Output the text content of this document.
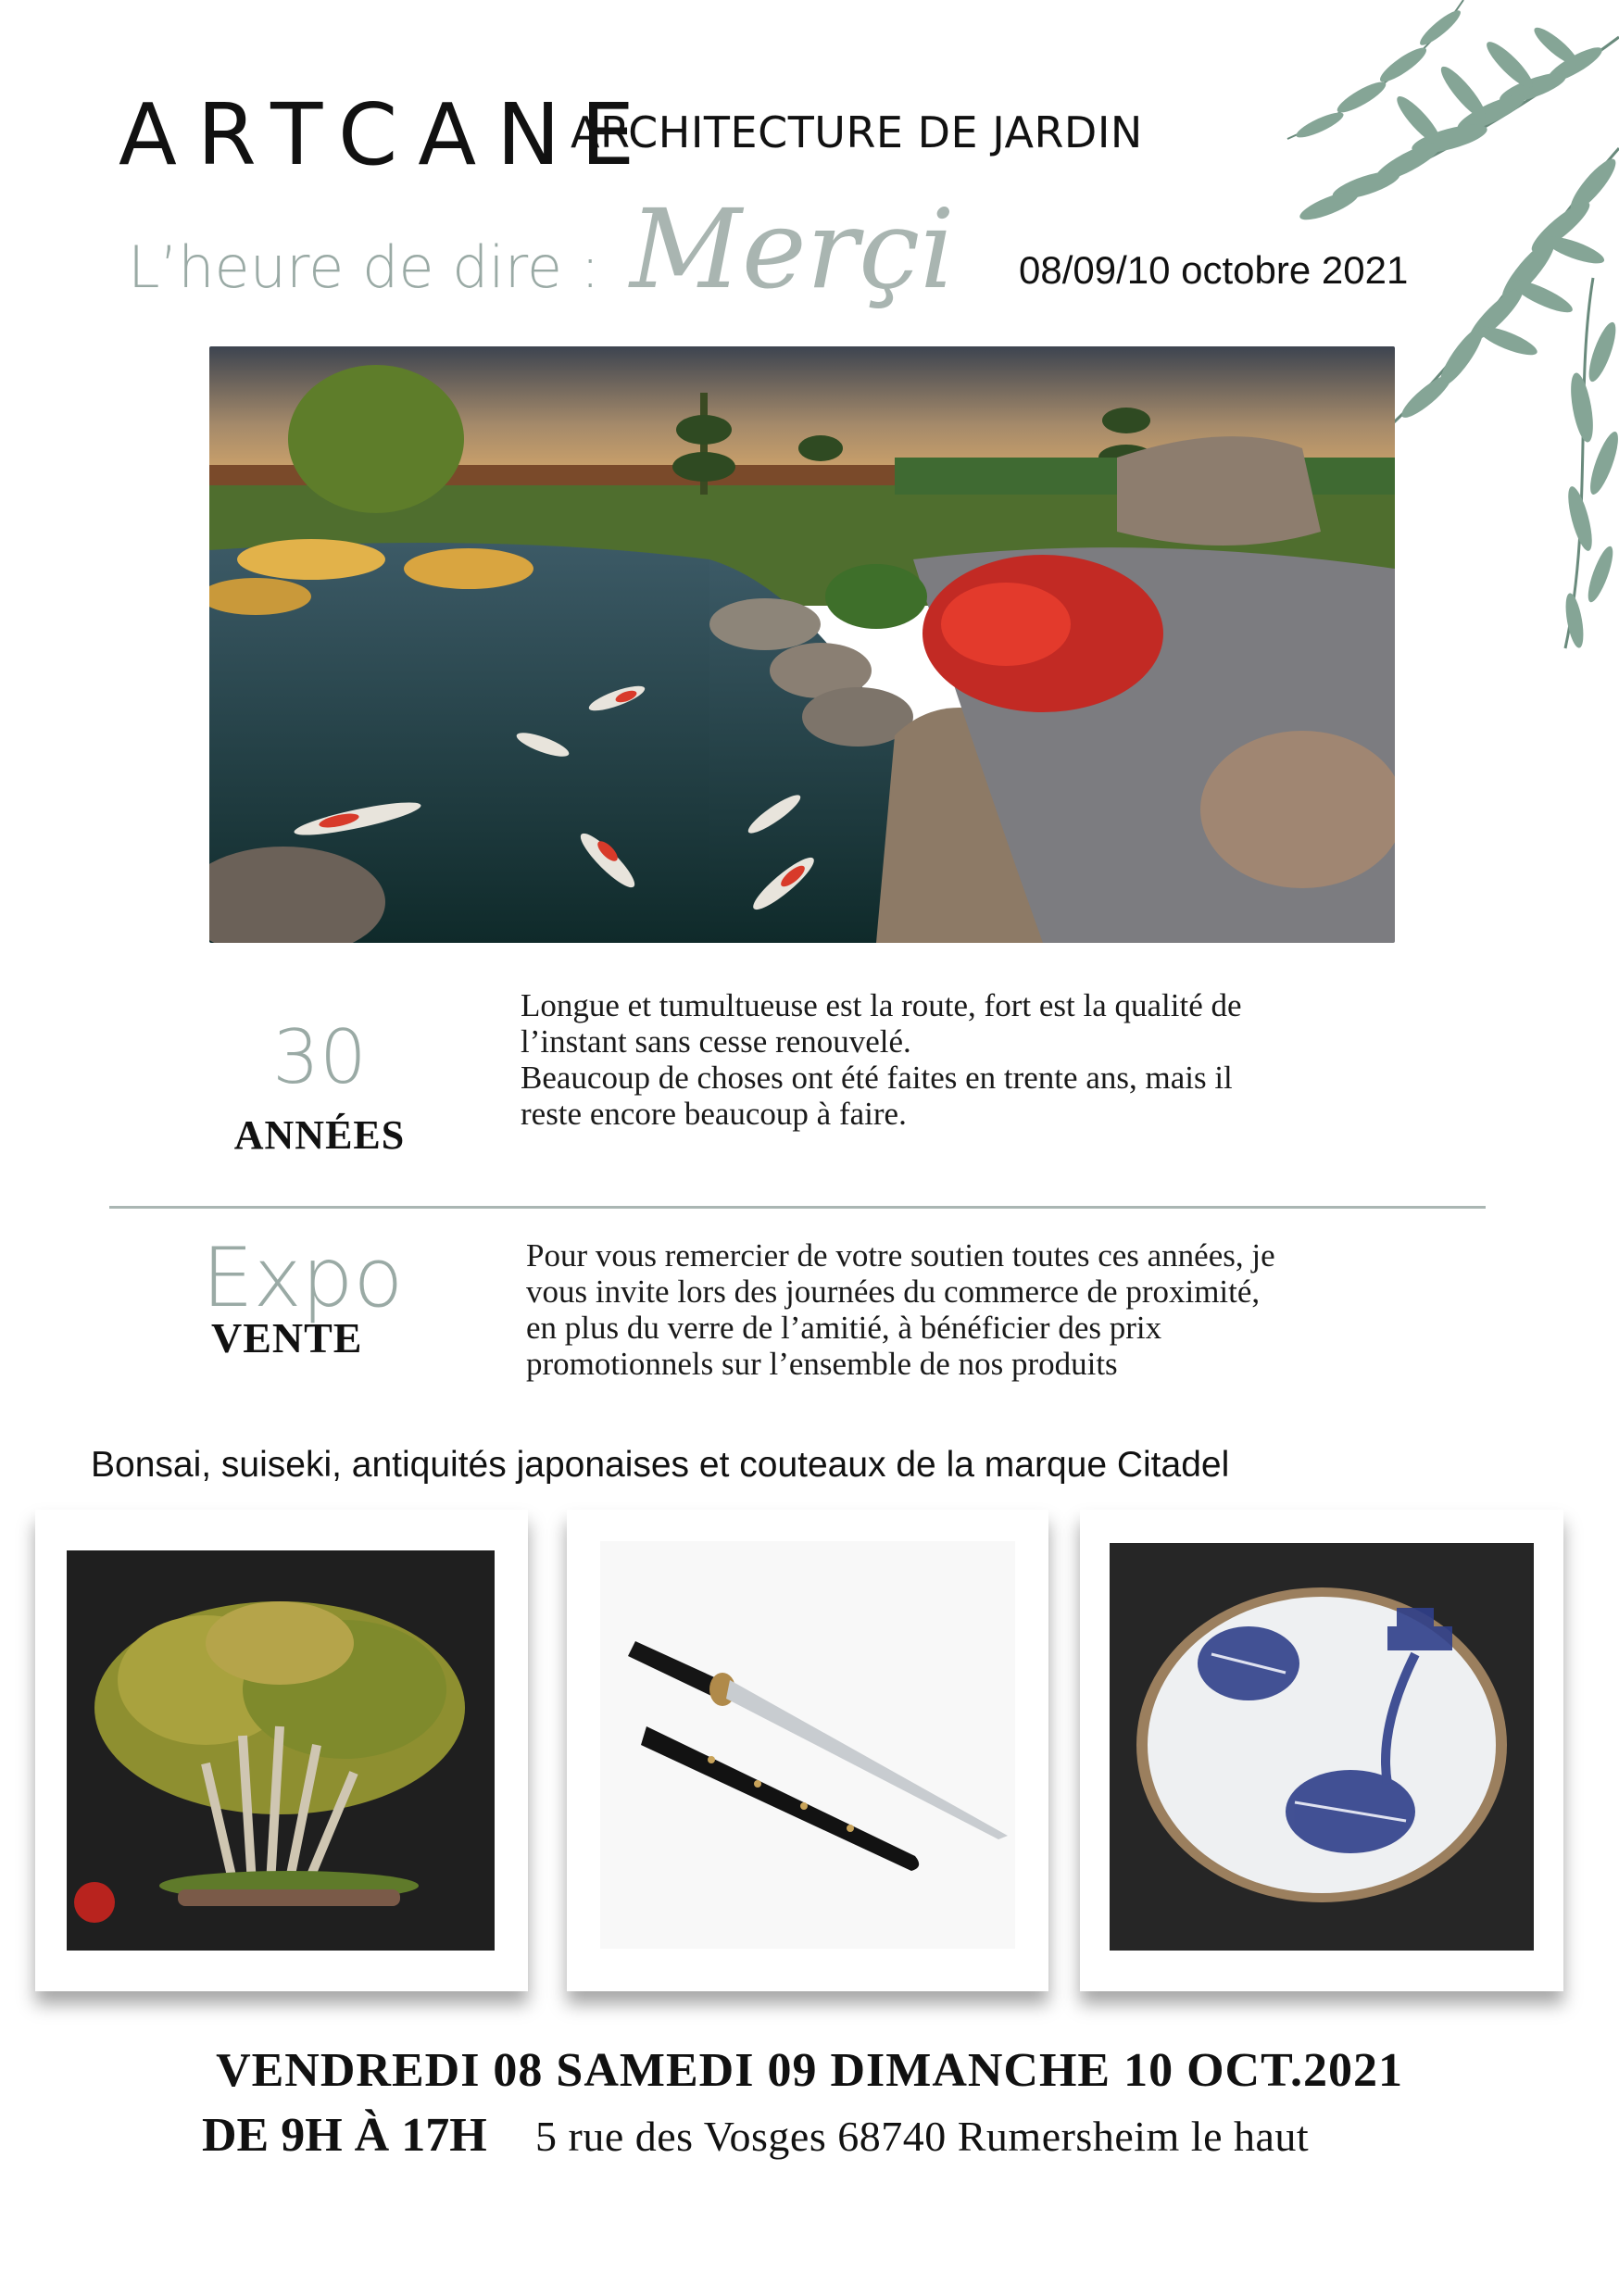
ARTCANE
ARCHITECTURE DE JARDIN
L’heure de dire : Merçi 08/09/10 octobre 2021
30
ANNÉES
Longue et tumultueuse est la route, fort est la qualité de
l’instant sans cesse renouvelé.
Beaucoup de choses ont été faites en trente ans, mais il
reste encore beaucoup à faire.
Expo
VENTE
Pour vous remercier de votre soutien toutes ces années, je
vous invite lors des journées du commerce de proximité,
en plus du verre de l’amitié, à bénéficier des prix
promotionnels sur l’ensemble de nos produits
Bonsai, suiseki, antiquités japonaises et couteaux de la marque Citadel
VENDREDI 08 SAMEDI 09 DIMANCHE 10 OCT.2021
DE 9H À 17H 5 rue des Vosges 68740 Rumersheim le haut
